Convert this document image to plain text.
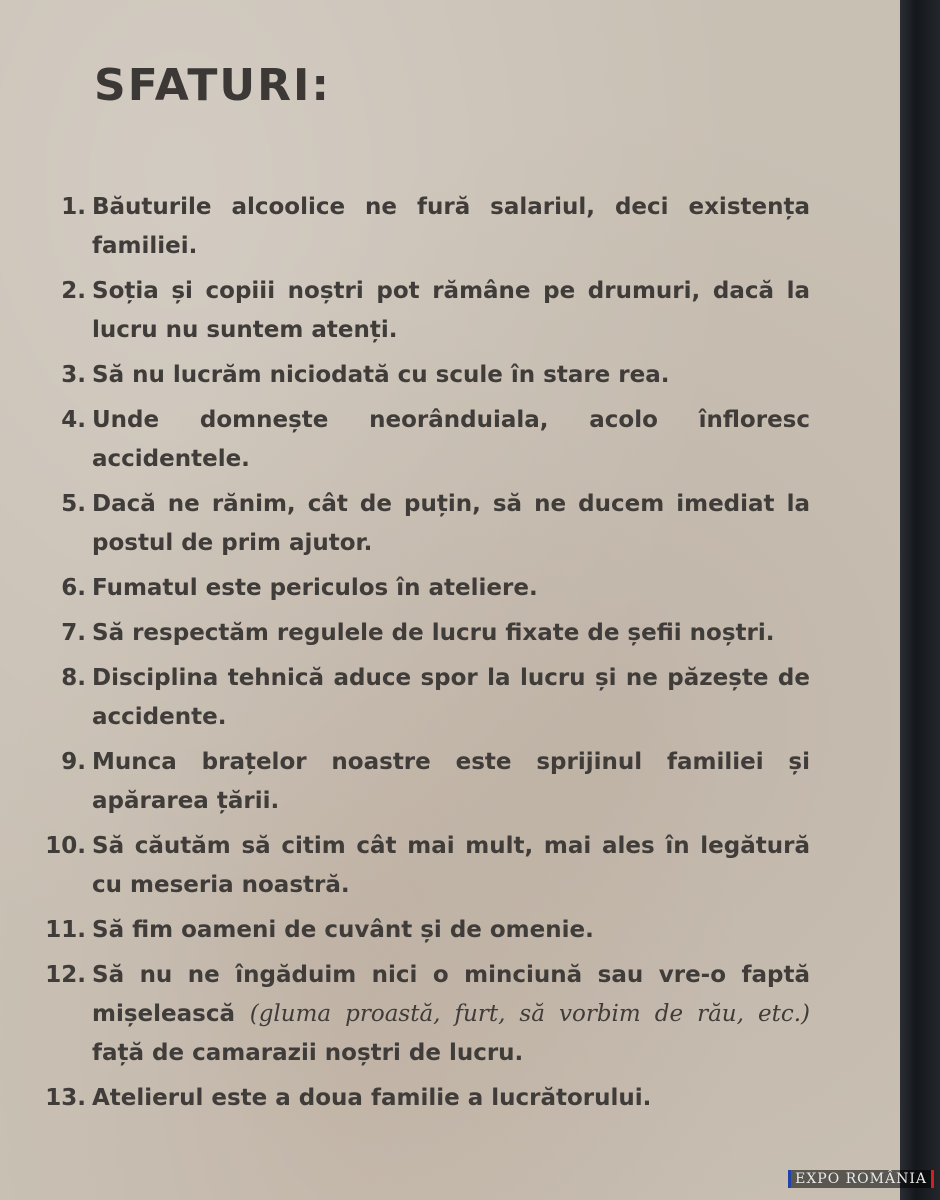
SFATURI:
1. Băuturile alcoolice ne fură salariul, deci existența familiei.
2. Soția și copiii noștri pot rămâne pe drumuri, dacă la lucru nu suntem atenți.
3. Să nu lucrăm niciodată cu scule în stare rea.
4. Unde domnește neorânduiala, acolo înfloresc accidentele.
5. Dacă ne rănim, cât de puțin, să ne ducem imediat la postul de prim ajutor.
6. Fumatul este periculos în ateliere.
7. Să respectăm regulele de lucru fixate de șefii noștri.
8. Disciplina tehnică aduce spor la lucru și ne păzește de accidente.
9. Munca brațelor noastre este sprijinul familiei și apărarea țării.
10. Să căutăm să citim cât mai mult, mai ales în legătură cu meseria noastră.
11. Să fim oameni de cuvânt și de omenie.
12. Să nu ne îngăduim nici o minciună sau vre-o faptă mișelească (gluma proastă, furt, să vorbim de rău, etc.) față de camarazii noștri de lucru.
13. Atelierul este a doua familie a lucrătorului.
EXPO ROMÂNIA
